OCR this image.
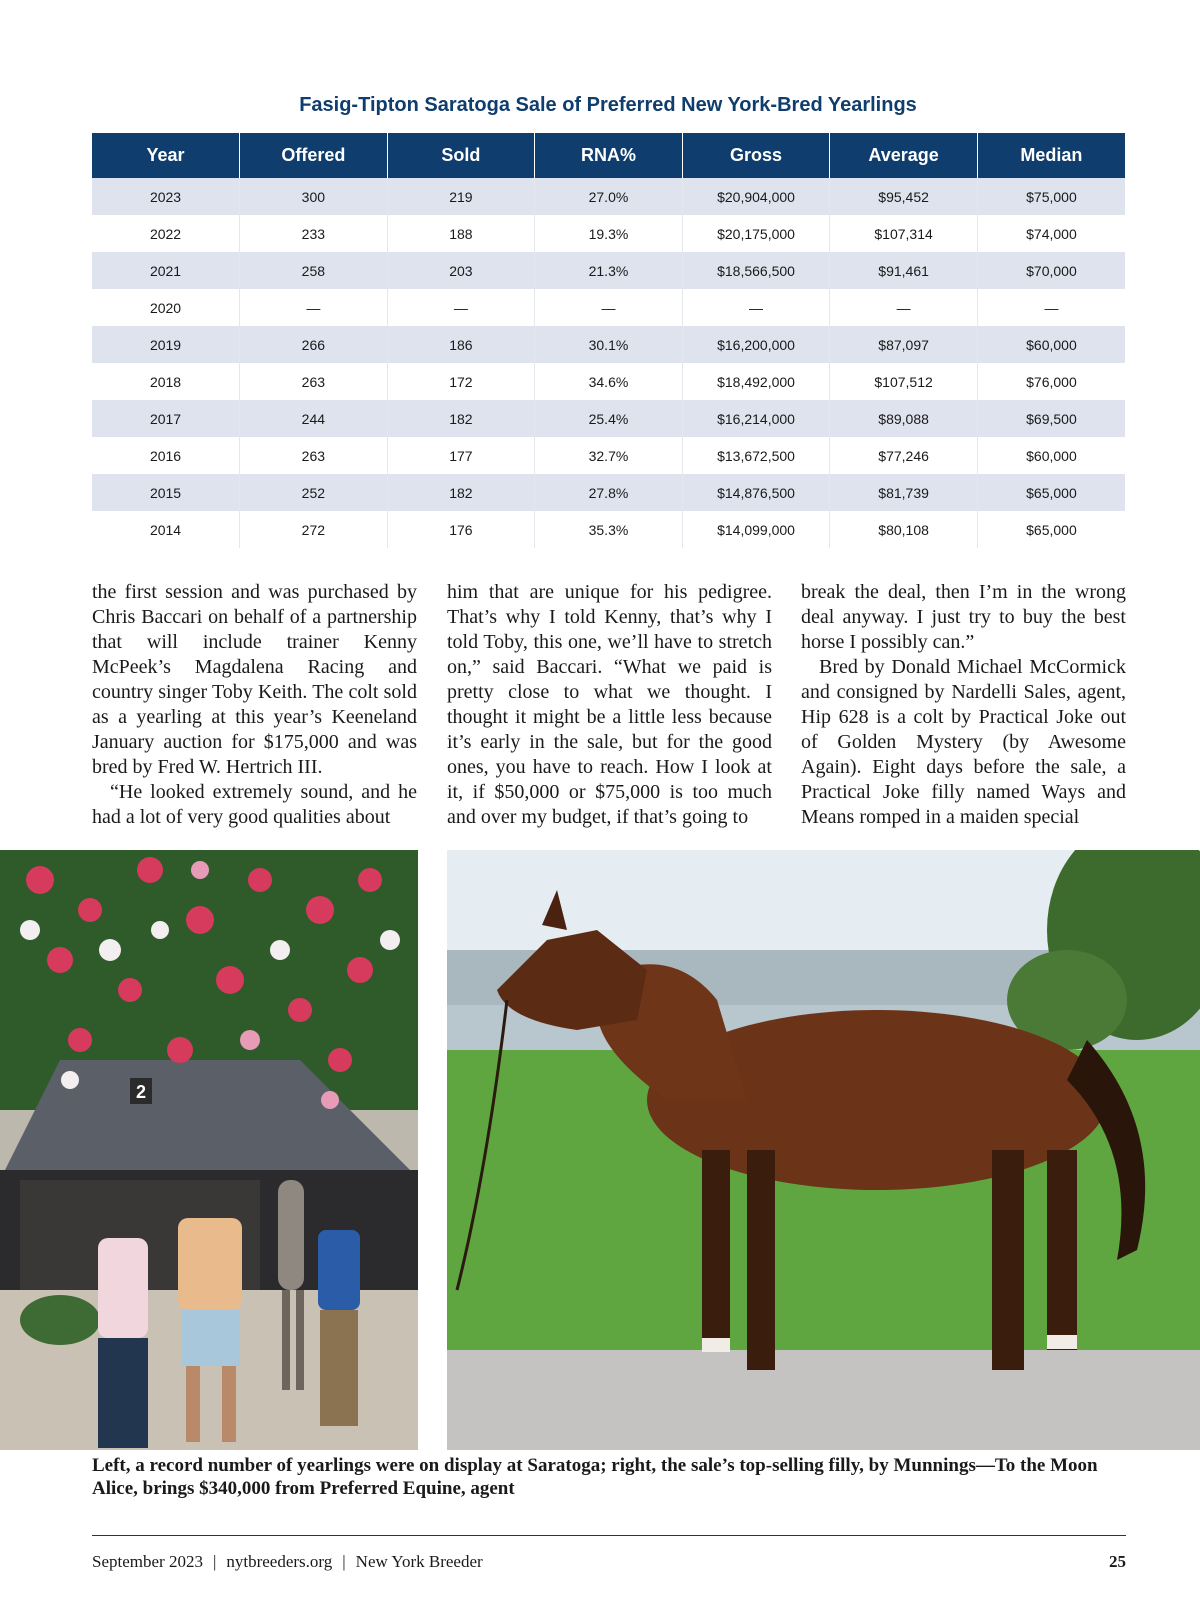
Fasig-Tipton Saratoga Sale of Preferred New York-Bred Yearlings
Year	Offered	Sold	RNA%	Gross	Average	Median
2023	300	219	27.0%	$20,904,000	$95,452	$75,000
2022	233	188	19.3%	$20,175,000	$107,314	$74,000
2021	258	203	21.3%	$18,566,500	$91,461	$70,000
2020	—	—	—	—	—	—
2019	266	186	30.1%	$16,200,000	$87,097	$60,000
2018	263	172	34.6%	$18,492,000	$107,512	$76,000
2017	244	182	25.4%	$16,214,000	$89,088	$69,500
2016	263	177	32.7%	$13,672,500	$77,246	$60,000
2015	252	182	27.8%	$14,876,500	$81,739	$65,000
2014	272	176	35.3%	$14,099,000	$80,108	$65,000

the first session and was purchased by Chris Baccari on behalf of a partnership that will include trainer Kenny McPeek’s Magdalena Racing and country singer Toby Keith. The colt sold as a yearling at this year’s Keeneland January auction for $175,000 and was bred by Fred W. Hertrich III.

“He looked extremely sound, and he had a lot of very good qualities about

him that are unique for his pedigree. That’s why I told Kenny, that’s why I told Toby, this one, we’ll have to stretch on,” said Baccari. “What we paid is pretty close to what we thought. I thought it might be a little less because it’s early in the sale, but for the good ones, you have to reach. How I look at it, if $50,000 or $75,000 is too much and over my budget, if that’s going to

break the deal, then I’m in the wrong deal anyway. I just try to buy the best horse I possibly can.”

Bred by Donald Michael McCormick and consigned by Nardelli Sales, agent, Hip 628 is a colt by Practical Joke out of Golden Mystery (by Awesome Again). Eight days before the sale, a Practical Joke filly named Ways and Means romped in a maiden special

2
Left, a record number of yearlings were on display at Saratoga; right, the sale’s top-selling filly, by Munnings—To the Moon Alice, brings $340,000 from Preferred Equine, agent
September 2023 | nytbreeders.org | New York Breeder	25
